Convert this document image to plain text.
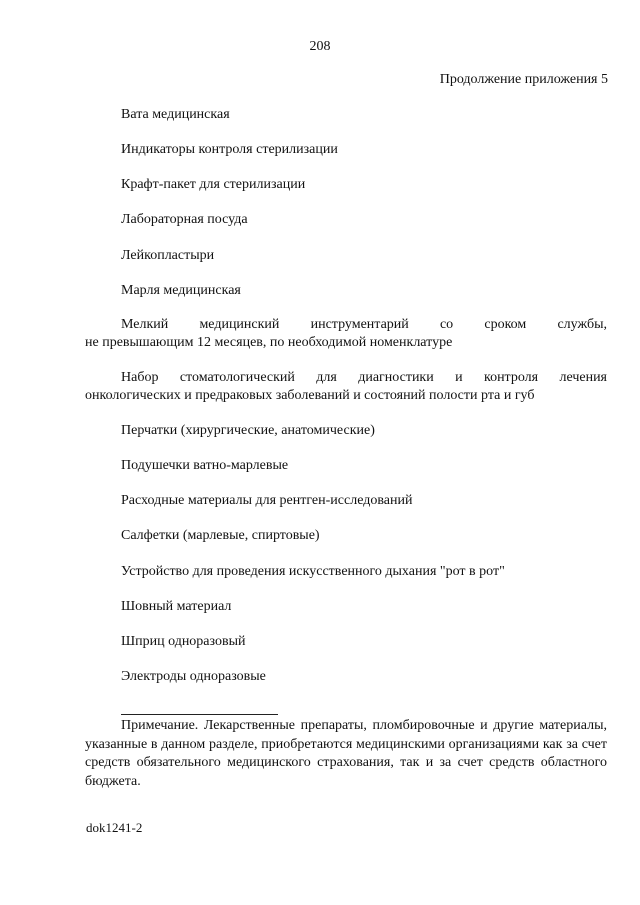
208
Продолжение приложения 5
Вата медицинская
Индикаторы контроля стерилизации
Крафт-пакет для стерилизации
Лабораторная посуда
Лейкопластыри
Марля медицинская
Мелкий медицинский инструментарий со сроком службы,
не превышающим 12 месяцев, по необходимой номенклатуре
Набор стоматологический для диагностики и контроля лечения
онкологических и предраковых заболеваний и состояний полости рта и губ
Перчатки (хирургические, анатомические)
Подушечки ватно-марлевые
Расходные материалы для рентген-исследований
Салфетки (марлевые, спиртовые)
Устройство для проведения искусственного дыхания "рот в рот"
Шовный материал
Шприц одноразовый
Электроды одноразовые
Примечание. Лекарственные препараты, пломбировочные и другие материалы, указанные в данном разделе, приобретаются медицинскими организациями как за счет средств обязательного медицинского страхования, так и за счет средств областного бюджета.
dok1241-2
